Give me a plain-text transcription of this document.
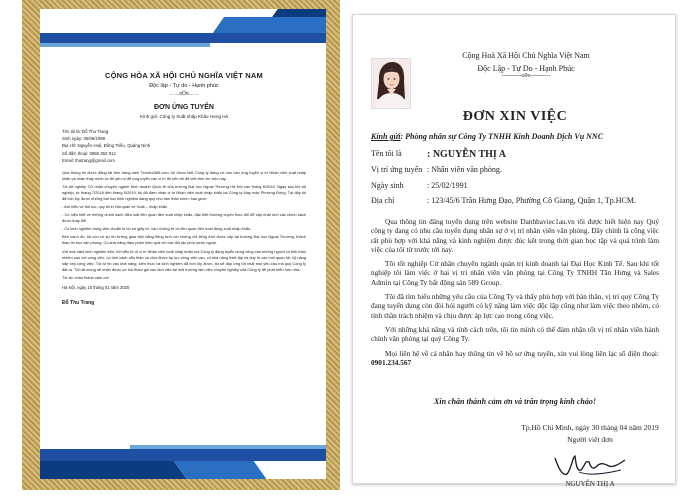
CỘNG HÒA XÃ HỘI CHỦ NGHĨA VIỆT NAM
Độc lập - Tự do - Hạnh phúc
……oOo……
ĐƠN ỨNG TUYỂN
Kính gửi: Công ty Xuất nhập Khẩu Hưng Hà
Tên tôi là: Đỗ Thu Trang
Sinh ngày: 05/09/1998
Địa chỉ: Nguyễn Huệ, Đông Triều, Quảng Ninh
Số điện thoại: 0965 352 912
Email: thutrang@gmail.com

Qua thông tin được đăng tải trên trang web Timviec365.com, tôi được biết Công ty đang có nhu cầu ứng tuyển vị trí Nhân viên xuất nhập khẩu và nhận thấy mình có đủ yêu tố để ứng tuyển vào vị trí đó nên tôi đã viết đơn xin việc này.

Tôi tốt nghiệp Cử nhân chuyên ngành Kinh doanh Quốc tế của trường Đại học Ngoại Thương Hà Nội vào tháng 6/2018. Ngay sau khi tốt nghiệp, từ tháng 7/2018 đến tháng 5/2019, tôi đã đảm nhận vị trí Nhân viên xuất nhập khẩu tại Công ty May mặc Phương Đông. Tại đây tôi đã tích lũy được những bài học kinh nghiệm đáng quý cho bản thân mình, bao gồm:

- Am hiểu về thủ tục, quy trình Hải quan về Xuất – nhập khẩu

- Có hiểu biết về những chính sách điều luật liên quan đến xuất nhập khẩu, đặc biệt thường xuyên theo dõi để cập nhật mới các chính sách được thay đổi

- Có kinh nghiệm trong việc chuẩn bị hồ sơ giấy tờ, cáo chứng từ có liên quan đến hoạt động xuất nhập khẩu.

Bên cạnh đó, tôi còn có sự tin tưởng giao tiếp bằng tiếng Anh với chứng chỉ tiếng Anh được cấp tại trường Đại học Ngoại Thương, thành thạo tin học văn phòng. Có khả năng đàm phán hiệu quả với các đối tác phía nước ngoài.

Với một năm kinh nghiệm trên, tôi hiểu rõ rõ vị trí Nhân viên xuất nhập khẩu mà Công ty đang tuyển dụng cũng cần những người có tinh thần nhiệm cao với công việc, có tính cách cẩn thận và chịu được áp lực công việc cao, có khả năng thiết lập và duy trì các mối quan hệ, kỹ năng sắp xếp công việc. Tôi tự tin vào khả năng, kiến thức và kinh nghiệm đã tích lũy được, tôi sẽ đáp ứng tốt nhất mọi yêu cầu mà quý Công ty đặt ra. Tôi rất mong sẽ nhận được cơ hội tham gia vào làm việc tại môi trường làm việc chuyên nghiệp của Công ty để phát triển hơn nữa.

Tôi xin chân thành cảm ơn!

Hà Nội, ngày 10 tháng 01 năm 2020
Đỗ Thu Trang
Cộng Hoà Xã Hội Chủ Nghĩa Việt Nam
Độc Lập - Tự Do - Hạnh Phúc
----------o0o----------
ĐƠN XIN VIỆC
Kính gửi: Phòng nhân sự Công Ty TNHH Kinh Doanh Dịch Vụ NNC
Tên tôi là	: NGUYỄN THỊ A
Vị trí ứng tuyển : Nhân viên văn phòng.
Ngày sinh	: 25/02/1991
Địa chỉ	: 123/45/6 Trần Hưng Đạo, Phường Cô Giang, Quận 1, Tp.HCM.

Qua thông tin đăng tuyển dụng trên website Danhbaviec1au.vn tôi được biết hiện nay Quý công ty đang có nhu cầu tuyển dụng nhân sự ở vị trí nhân viên văn phòng. Đây chính là công việc rất phù hợp với khả năng và kinh nghiệm được đúc kết trong thời gian học tập và quá trình làm việc của tôi từ trước tới nay.

Tôi tốt nghiệp Cử nhân chuyên ngành quản trị kinh doanh tại Đại Học Kinh Tế. Sau khi tốt nghiệp tôi làm việc ở hai vị trí nhân viên văn phòng tại Công Ty TNHH Tân Hưng và Sales Admin tại Công Ty bất động sản 589 Group.

Tôi đã tìm hiểu những yêu cầu của Công Ty và thấy phù hợp với bản thân, vị trí quý Công Ty đang tuyển dụng còn đòi hỏi người có kỹ năng làm việc độc lập cũng như làm việc theo nhóm, có tính thần trách nhiệm và chịu được áp lực cao trong công việc.

Với những khả năng và tính cách trên, tôi tin mình có thể đảm nhận tốt vị trí nhân viên hành chính văn phòng tại quý Công Ty.

Mọi liên hệ về cá nhân hay thông tin về hồ sơ ứng tuyển, xin vui lòng liên lạc số điện thoại: 0901.234.567

Xin chân thành cảm ơn và trân trọng kính chào!
Tp.Hồ Chí Minh, ngày 30 tháng 04 năm 2019
Người viết đơn
NGUYỄN THỊ A
